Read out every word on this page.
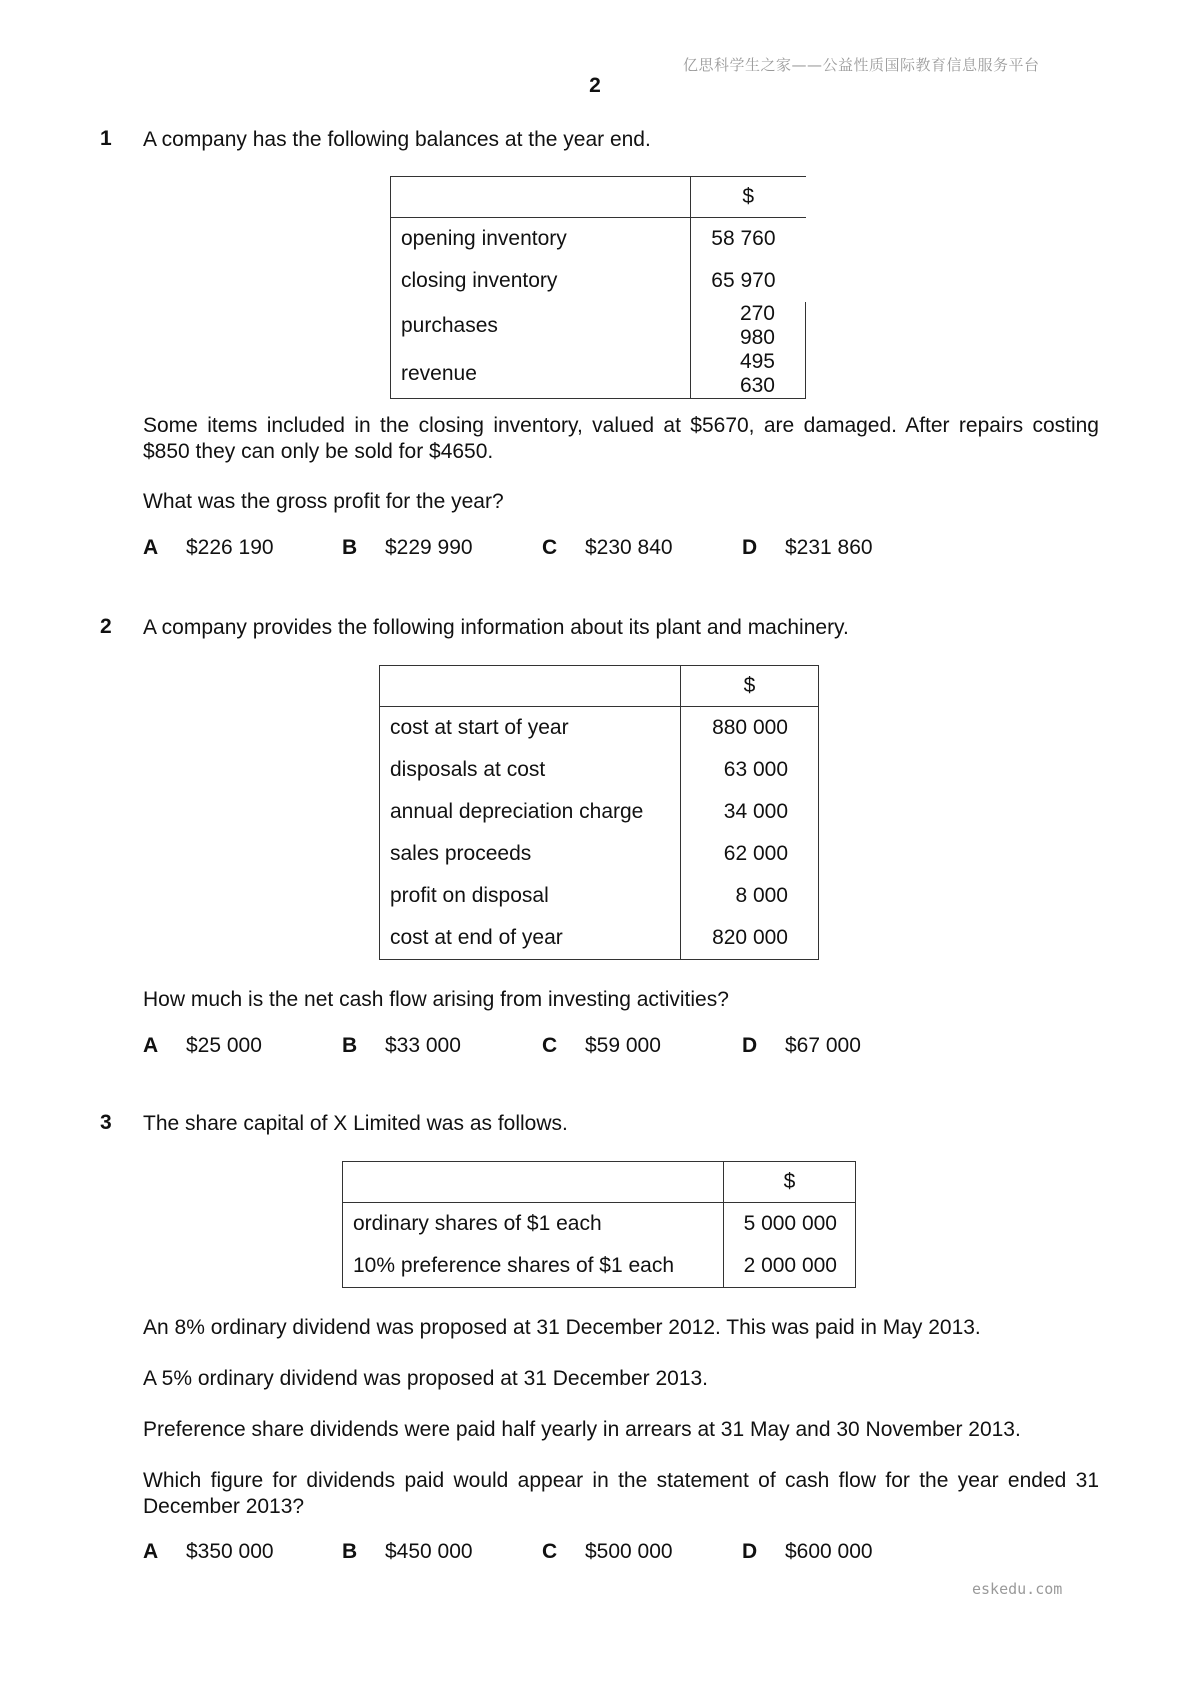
亿思科学生之家——公益性质国际教育信息服务平台
2
eskedu.com
1 A company has the following balances at the year end.
	$
opening inventory	58 760
closing inventory	65 970
purchases	270 980
revenue	495 630
Some items included in the closing inventory, valued at $5670, are damaged. After repairs costing $850 they can only be sold for $4650.
What was the gross profit for the year?
A $226 190	B $229 990	C $230 840	D $231 860
2 A company provides the following information about its plant and machinery.
	$
cost at start of year	880 000
disposals at cost	63 000
annual depreciation charge	34 000
sales proceeds	62 000
profit on disposal	8 000
cost at end of year	820 000
How much is the net cash flow arising from investing activities?
A $25 000	B $33 000	C $59 000	D $67 000
3 The share capital of X Limited was as follows.
	$
ordinary shares of $1 each	5 000 000
10% preference shares of $1 each	2 000 000
An 8% ordinary dividend was proposed at 31 December 2012. This was paid in May 2013.
A 5% ordinary dividend was proposed at 31 December 2013.
Preference share dividends were paid half yearly in arrears at 31 May and 30 November 2013.
Which figure for dividends paid would appear in the statement of cash flow for the year ended 31 December 2013?
A $350 000	B $450 000	C $500 000	D $600 000
